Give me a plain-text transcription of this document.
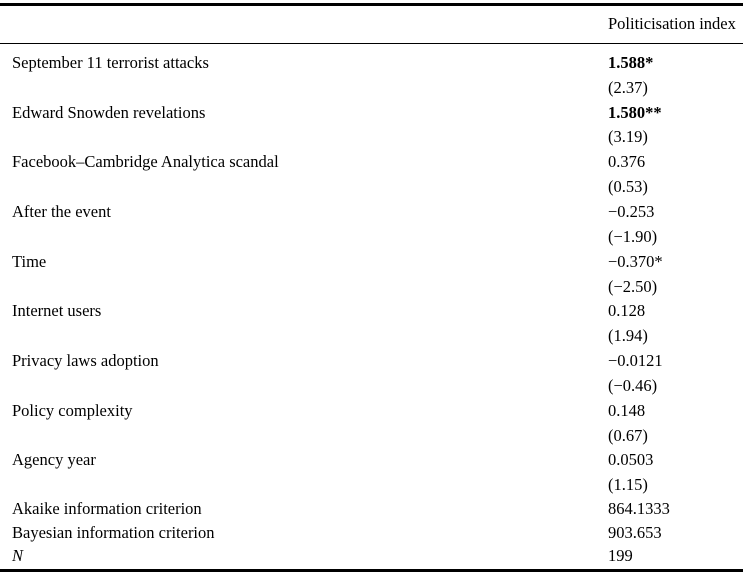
Politicisation index
September 11 terrorist attacks	1.588*
(2.37)
Edward Snowden revelations	1.580**
(3.19)
Facebook–Cambridge Analytica scandal	0.376
(0.53)
After the event	−0.253
(−1.90)
Time	−0.370*
(−2.50)
Internet users	0.128
(1.94)
Privacy laws adoption	−0.0121
(−0.46)
Policy complexity	0.148
(0.67)
Agency year	0.0503
(1.15)
Akaike information criterion	864.1333
Bayesian information criterion	903.653
N	199
